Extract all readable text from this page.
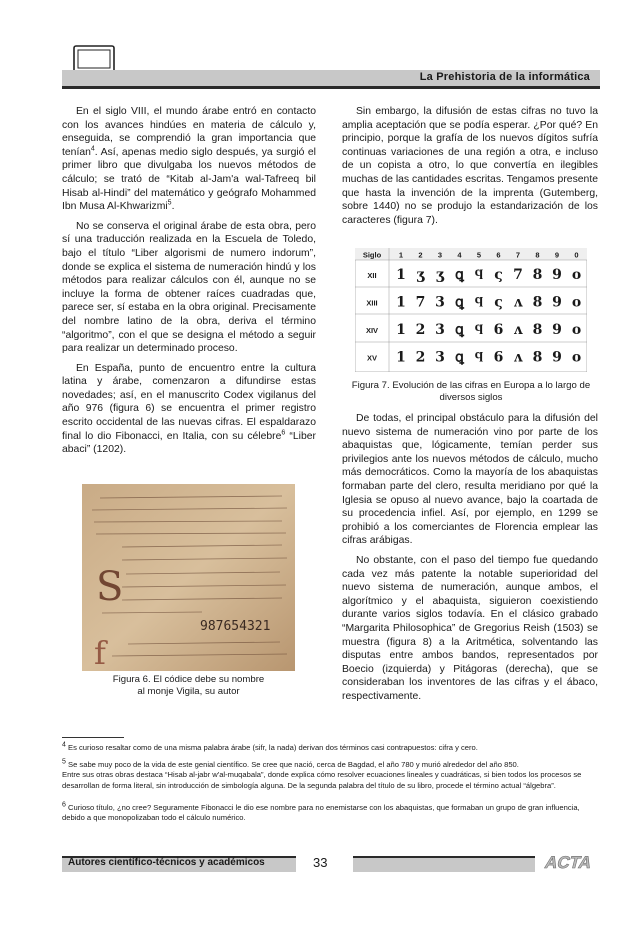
La Prehistoria de la informática

En el siglo VIII, el mundo árabe entró en contacto con los avances hindúes en materia de cálculo y, enseguida, se comprendió la gran importancia que tenían$^4$. Así, apenas medio siglo después, ya surgió el primer libro que divulgaba los nuevos métodos de cálculo; se trató de “Kitab al-Jam'a wal-Tafreeq bil Hisab al-Hindi” del matemático y geógrafo Mohammed Ibn Musa Al-Khwarizmi$^5$.

No se conserva el original árabe de esta obra, pero sí una traducción realizada en la Escuela de Toledo, bajo el título “Liber algorismi de numero indorum”, donde se explica el sistema de numeración hindú y los métodos para realizar cálculos con él, aunque no se incluye la forma de obtener raíces cuadradas que, parece ser, sí estaba en la obra original. Precisamente del nombre latino de la obra, deriva el término “algoritmo”, con el que se designa el método a seguir para realizar un determinado proceso.

En España, punto de encuentro entre la cultura latina y árabe, comenzaron a difundirse estas novedades; así, en el manuscrito Codex vigilanus del año 976 (figura 6) se encuentra el primer registro escrito occidental de las nuevas cifras. El espaldarazo final lo dio Fibonacci, en Italia, con su célebre$^6$ “Liber abaci” (1202).

S
f
987654321
Figura 6. El códice debe su nombre
al monje Vigila, su autor

Sin embargo, la difusión de estas cifras no tuvo la amplia aceptación que se podía esperar. ¿Por qué? En principio, porque la grafía de los nuevos dígitos sufría continuas variaciones de una región a otra, e incluso de un copista a otro, lo que convertía en ilegibles muchas de las cantidades escritas. Tengamos presente que hasta la invención de la imprenta (Gutemberg, sobre 1440) no se produjo la estandarización de los caracteres (figura 7).

Siglo 1 2 3 4 5 6 7 8 9 0
XII 1 ʒ ʒ ꝗ ϥ ς 7 8 9 o
XIII 1 7 3 ꝗ ϥ ς ʌ 8 9 o
XIV 1 2 3 ꝗ ϥ 6 ʌ 8 9 o
XV 1 2 3 ꝗ ϥ 6 ʌ 8 9 o
Figura 7. Evolución de las cifras en Europa a lo largo de
diversos siglos

De todas, el principal obstáculo para la difusión del nuevo sistema de numeración vino por parte de los abaquistas que, lógicamente, temían perder sus privilegios ante los nuevos métodos de cálculo, mucho más democráticos. Como la mayoría de los abaquistas formaban parte del clero, resulta meridiano por qué la Iglesia se opuso al nuevo avance, bajo la coartada de su procedencia infiel. Así, por ejemplo, en 1299 se prohibió a los comerciantes de Florencia emplear las cifras arábigas.

No obstante, con el paso del tiempo fue quedando cada vez más patente la notable superioridad del nuevo sistema de numeración, aunque ambos, el algorítmico y el abaquista, siguieron coexistiendo durante varios siglos todavía. En el clásico grabado “Margarita Philosophica” de Gregorius Reish (1503) se muestra (figura 8) a la Aritmética, solventando las disputas entre ambos bandos, representados por Boecio (izquierda) y Pitágoras (derecha), que se consideraban los inventores de las cifras y el ábaco, respectivamente.

$^4$ Es curioso resaltar como de una misma palabra árabe (sifr, la nada) derivan dos términos casi contrapuestos: cifra y cero.
$^5$ Se sabe muy poco de la vida de este genial científico. Se cree que nació, cerca de Bagdad, el año 780 y murió alrededor del año 850.
Entre sus otras obras destaca “Hisab al-jabr w'al-muqabala”, donde explica cómo resolver ecuaciones lineales y cuadráticas, si bien todos los procesos se desarrollan de forma literal, sin introducción de simbología alguna. De la segunda palabra del título de su libro, procede el término actual “álgebra”.
$^6$ Curioso título, ¿no cree? Seguramente Fibonacci le dio ese nombre para no enemistarse con los abaquistas, que formaban un grupo de gran influencia, debido a que monopolizaban todo el cálculo numérico.
Autores científico-técnicos y académicos	33	ACTA
